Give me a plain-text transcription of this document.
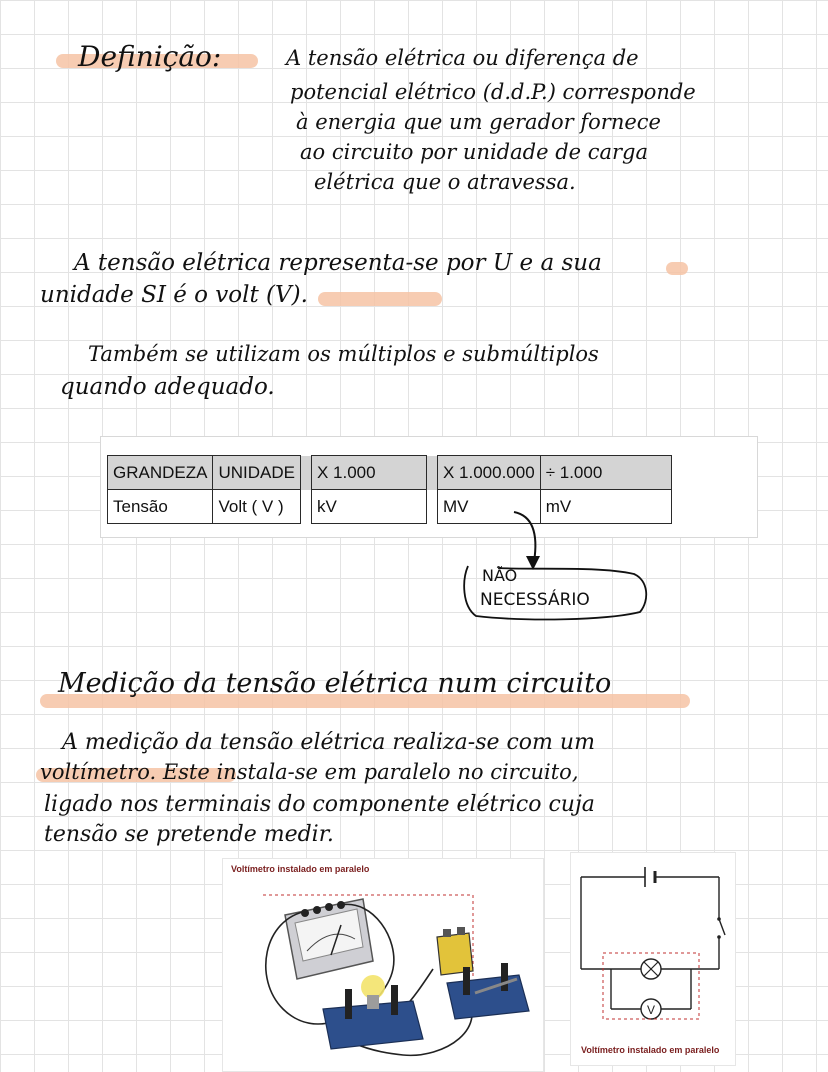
Definição:	A tensão elétrica ou diferença de
potencial elétrico (d.d.P.) corresponde
à energia que um gerador fornece
ao circuito por unidade de carga
elétrica que o atravessa.
A tensão elétrica representa-se por U e a sua
unidade SI é o volt (V).
Também se utilizam os múltiplos e submúltiplos
quando adequado.
GRANDEZA	UNIDADE		X 1.000		X 1.000.000	÷ 1.000
Tensão	Volt ( V )		kV		MV	mV
NÃO
NECESSÁRIO
Medição da tensão elétrica num circuito
A medição da tensão elétrica realiza-se com um
voltímetro. Este instala-se em paralelo no circuito,
ligado nos terminais do componente elétrico cuja
tensão se pretende medir.
Voltímetro instalado em paralelo
V
Voltímetro instalado em paralelo
